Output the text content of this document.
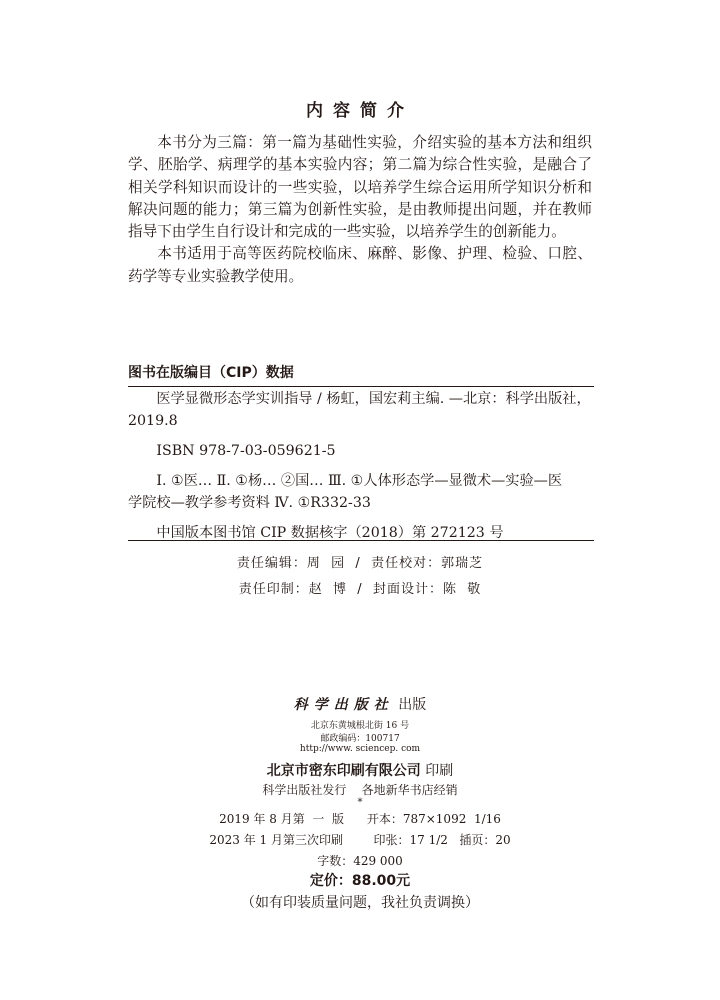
内容简介

本书分为三篇：第一篇为基础性实验，介绍实验的基本方法和组织学、胚胎学、病理学的基本实验内容；第二篇为综合性实验，是融合了相关学科知识而设计的一些实验，以培养学生综合运用所学知识分析和解决问题的能力；第三篇为创新性实验，是由教师提出问题，并在教师指导下由学生自行设计和完成的一些实验，以培养学生的创新能力。

本书适用于高等医药院校临床、麻醉、影像、护理、检验、口腔、药学等专业实验教学使用。

图书在版编目（CIP）数据
医学显微形态学实训指导 / 杨虹，国宏莉主编. —北京：科学出版社，
2019.8
ISBN 978-7-03-059621-5
Ⅰ. ①医… Ⅱ. ①杨… ②国… Ⅲ. ①人体形态学—显微术—实验—医
学院校—教学参考资料 Ⅳ. ①R332-33
中国版本图书馆 CIP 数据核字（2018）第 272123 号
责任编辑：周  园  /  责任校对：郭瑞芝
责任印制：赵  博  /  封面设计：陈  敬
科学出版社 出版
北京东黄城根北街 16 号
邮政编码：100717
http://www. sciencep. com
北京市密东印刷有限公司 印刷
科学出版社发行    各地新华书店经销
*
2019 年 8 月第  一  版      开本：787×1092  1/16
2023 年 1 月第三次印刷        印张：17 1/2   插页：20
字数：429 000
定价：88.00元
（如有印装质量问题，我社负责调换）
